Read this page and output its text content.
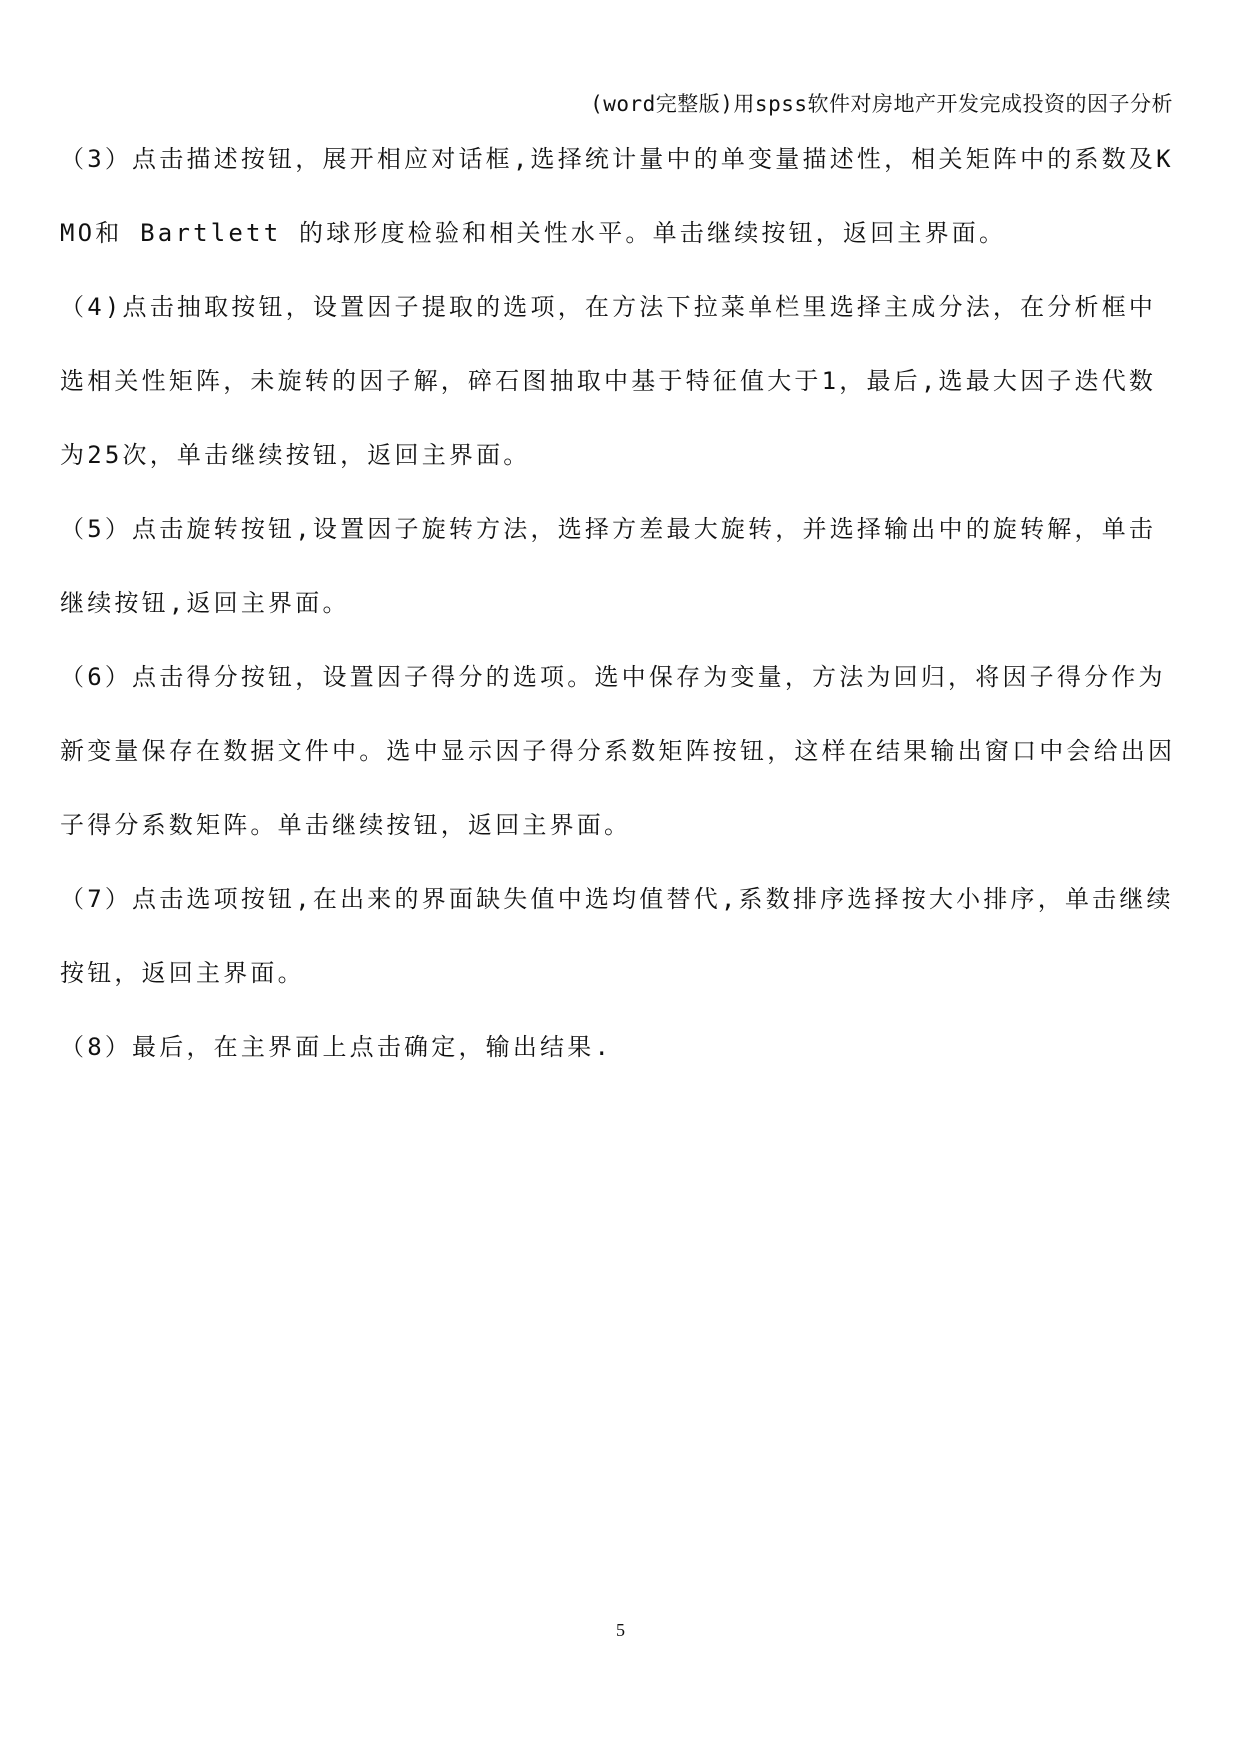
(word完整版)用spss软件对房地产开发完成投资的因子分析

（3）点击描述按钮，展开相应对话框,选择统计量中的单变量描述性，相关矩阵中的系数及KMO和 Bartlett 的球形度检验和相关性水平。单击继续按钮，返回主界面。

（4)点击抽取按钮，设置因子提取的选项，在方法下拉菜单栏里选择主成分法，在分析框中选相关性矩阵，未旋转的因子解，碎石图抽取中基于特征值大于1，最后,选最大因子迭代数为25次，单击继续按钮，返回主界面。

（5）点击旋转按钮,设置因子旋转方法，选择方差最大旋转，并选择输出中的旋转解，单击继续按钮,返回主界面。

（6）点击得分按钮，设置因子得分的选项。选中保存为变量，方法为回归，将因子得分作为新变量保存在数据文件中。选中显示因子得分系数矩阵按钮，这样在结果输出窗口中会给出因子得分系数矩阵。单击继续按钮，返回主界面。

（7）点击选项按钮,在出来的界面缺失值中选均值替代,系数排序选择按大小排序，单击继续按钮，返回主界面。

（8）最后，在主界面上点击确定，输出结果.

5
